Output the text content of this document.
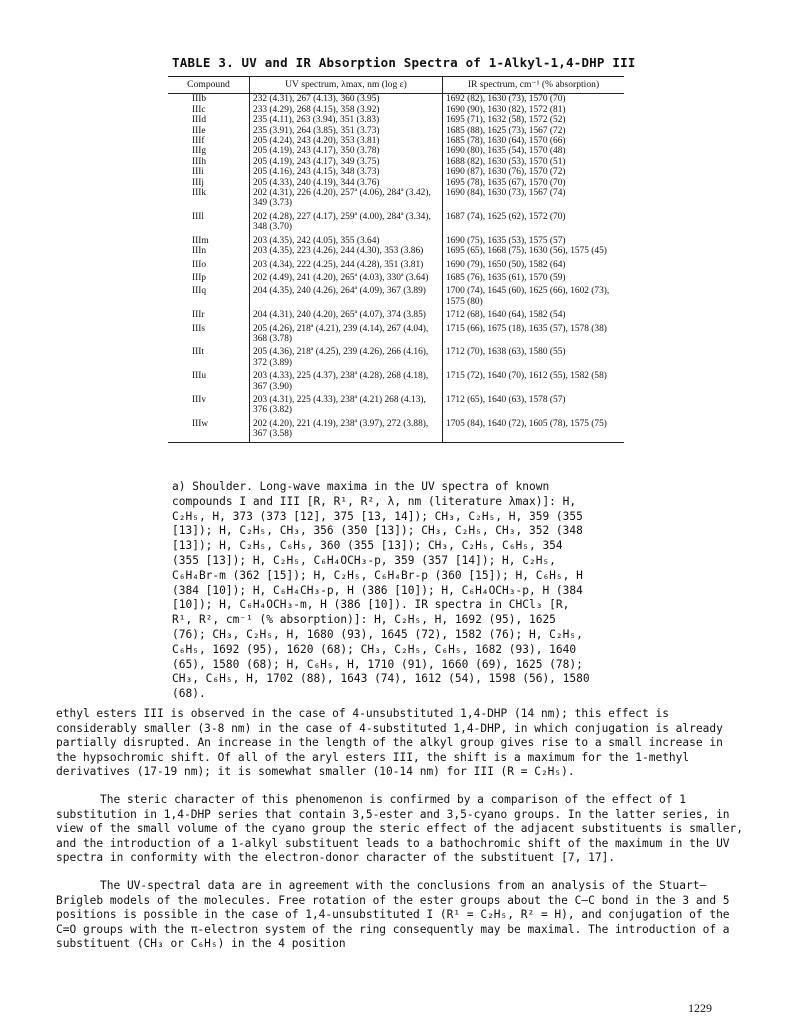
TABLE 3. UV and IR Absorption Spectra of 1-Alkyl-1,4-DHP III
Compound	UV spectrum, λmax, nm (log ε)	IR spectrum, cm⁻¹ (% absorption)
IIIb	232 (4.31), 267 (4.13), 360 (3.95)	1692 (82), 1630 (73), 1570 (70)
IIIc	233 (4.29), 268 (4.15), 358 (3.92)	1690 (90), 1630 (82), 1572 (81)
IIId	235 (4.11), 263 (3.94), 351 (3.83)	1695 (71), 1632 (58), 1572 (52)
IIIe	235 (3.91), 264 (3.85), 351 (3.73)	1685 (88), 1625 (73), 1567 (72)
IIIf	205 (4.24), 243 (4.20), 353 (3.81)	1685 (78), 1630 (64), 1570 (66)
IIIg	205 (4.19), 243 (4.17), 350 (3.78)	1690 (80), 1635 (54), 1570 (48)
IIIh	205 (4.19), 243 (4.17), 349 (3.75)	1688 (82), 1630 (53), 1570 (51)
IIIi	205 (4.16), 243 (4.15), 348 (3.73)	1690 (87), 1630 (76), 1570 (72)
IIIj	205 (4.33), 240 (4.19), 344 (3.76)	1695 (78), 1635 (67), 1570 (70)
IIIk	202 (4.31), 226 (4.20), 257ª (4.06), 284ª (3.42), 349 (3.73)	1690 (84), 1630 (73), 1567 (74)
IIIl	202 (4.28), 227 (4.17), 259ª (4.00), 284ª (3.34), 348 (3.70)	1687 (74), 1625 (62), 1572 (70)
IIIm	203 (4.35), 242 (4.05), 355 (3.64)	1690 (75), 1635 (53), 1575 (57)
IIIn	203 (4.35), 223 (4.26), 244 (4.30), 353 (3.86)	1695 (65), 1668 (75), 1630 (56), 1575 (45)
IIIo	203 (4.34), 222 (4.25), 244 (4.28), 351 (3.81)	1690 (79), 1650 (50), 1582 (64)
IIIp	202 (4.49), 241 (4.20), 265ª (4.03), 330ª (3.64)	1685 (76), 1635 (61), 1570 (59)
IIIq	204 (4.35), 240 (4.26), 264ª (4.09), 367 (3.89)	1700 (74), 1645 (60), 1625 (66), 1602 (73), 1575 (80)
IIIr	204 (4.31), 240 (4.20), 265ª (4.07), 374 (3.85)	1712 (68), 1640 (64), 1582 (54)
IIIs	205 (4.26), 218ª (4.21), 239 (4.14), 267 (4.04), 368 (3.78)	1715 (66), 1675 (18), 1635 (57), 1578 (38)
IIIt	205 (4.36), 218ª (4.25), 239 (4.26), 266 (4.16), 372 (3.89)	1712 (70), 1638 (63), 1580 (55)
IIIu	203 (4.33), 225 (4.37), 238ª (4.28), 268 (4.18), 367 (3.90)	1715 (72), 1640 (70), 1612 (55), 1582 (58)
IIIv	203 (4.31), 225 (4.33), 238ª (4.21) 268 (4.13), 376 (3.82)	1712 (65), 1640 (63), 1578 (57)
IIIw	202 (4.20), 221 (4.19), 238ª (3.97), 272 (3.88), 367 (3.58)	1705 (84), 1640 (72), 1605 (78), 1575 (75)
a) Shoulder. Long-wave maxima in the UV spectra of known compounds I and III [R, R¹, R², λ, nm (literature λmax)]: H, C₂H₅, H, 373 (373 [12], 375 [13, 14]); CH₃, C₂H₅, H, 359 (355 [13]); H, C₂H₅, CH₃, 356 (350 [13]); CH₃, C₂H₅, CH₃, 352 (348 [13]); H, C₂H₅, C₆H₅, 360 (355 [13]); CH₃, C₂H₅, C₆H₅, 354 (355 [13]); H, C₂H₅, C₆H₄OCH₃-p, 359 (357 [14]); H, C₂H₅, C₆H₄Br-m (362 [15]); H, C₂H₅, C₆H₄Br-p (360 [15]); H, C₆H₅, H (384 [10]); H, C₆H₄CH₃-p, H (386 [10]); H, C₆H₄OCH₃-p, H (384 [10]); H, C₆H₄OCH₃-m, H (386 [10]). IR spectra in CHCl₃ [R, R¹, R², cm⁻¹ (% absorption)]: H, C₂H₅, H, 1692 (95), 1625 (76); CH₃, C₂H₅, H, 1680 (93), 1645 (72), 1582 (76); H, C₂H₅, C₆H₅, 1692 (95), 1620 (68); CH₃, C₂H₅, C₆H₅, 1682 (93), 1640 (65), 1580 (68); H, C₆H₅, H, 1710 (91), 1660 (69), 1625 (78); CH₃, C₆H₅, H, 1702 (88), 1643 (74), 1612 (54), 1598 (56), 1580 (68).

ethyl esters III is observed in the case of 4-unsubstituted 1,4-DHP (14 nm); this effect is considerably smaller (3-8 nm) in the case of 4-substituted 1,4-DHP, in which conjugation is already partially disrupted. An increase in the length of the alkyl group gives rise to a small increase in the hypsochromic shift. Of all of the aryl esters III, the shift is a maximum for the 1-methyl derivatives (17-19 nm); it is somewhat smaller (10-14 nm) for III (R = C₂H₅).

The steric character of this phenomenon is confirmed by a comparison of the effect of 1 substitution in 1,4-DHP series that contain 3,5-ester and 3,5-cyano groups. In the latter series, in view of the small volume of the cyano group the steric effect of the adjacent substituents is smaller, and the introduction of a 1-alkyl substituent leads to a bathochromic shift of the maximum in the UV spectra in conformity with the electron-donor character of the substituent [7, 17].

The UV-spectral data are in agreement with the conclusions from an analysis of the Stuart–Brigleb models of the molecules. Free rotation of the ester groups about the C—C bond in the 3 and 5 positions is possible in the case of 1,4-unsubstituted I (R¹ = C₂H₅, R² = H), and conjugation of the C=O groups with the π-electron system of the ring consequently may be maximal. The introduction of a substituent (CH₃ or C₆H₅) in the 4 position

1229
